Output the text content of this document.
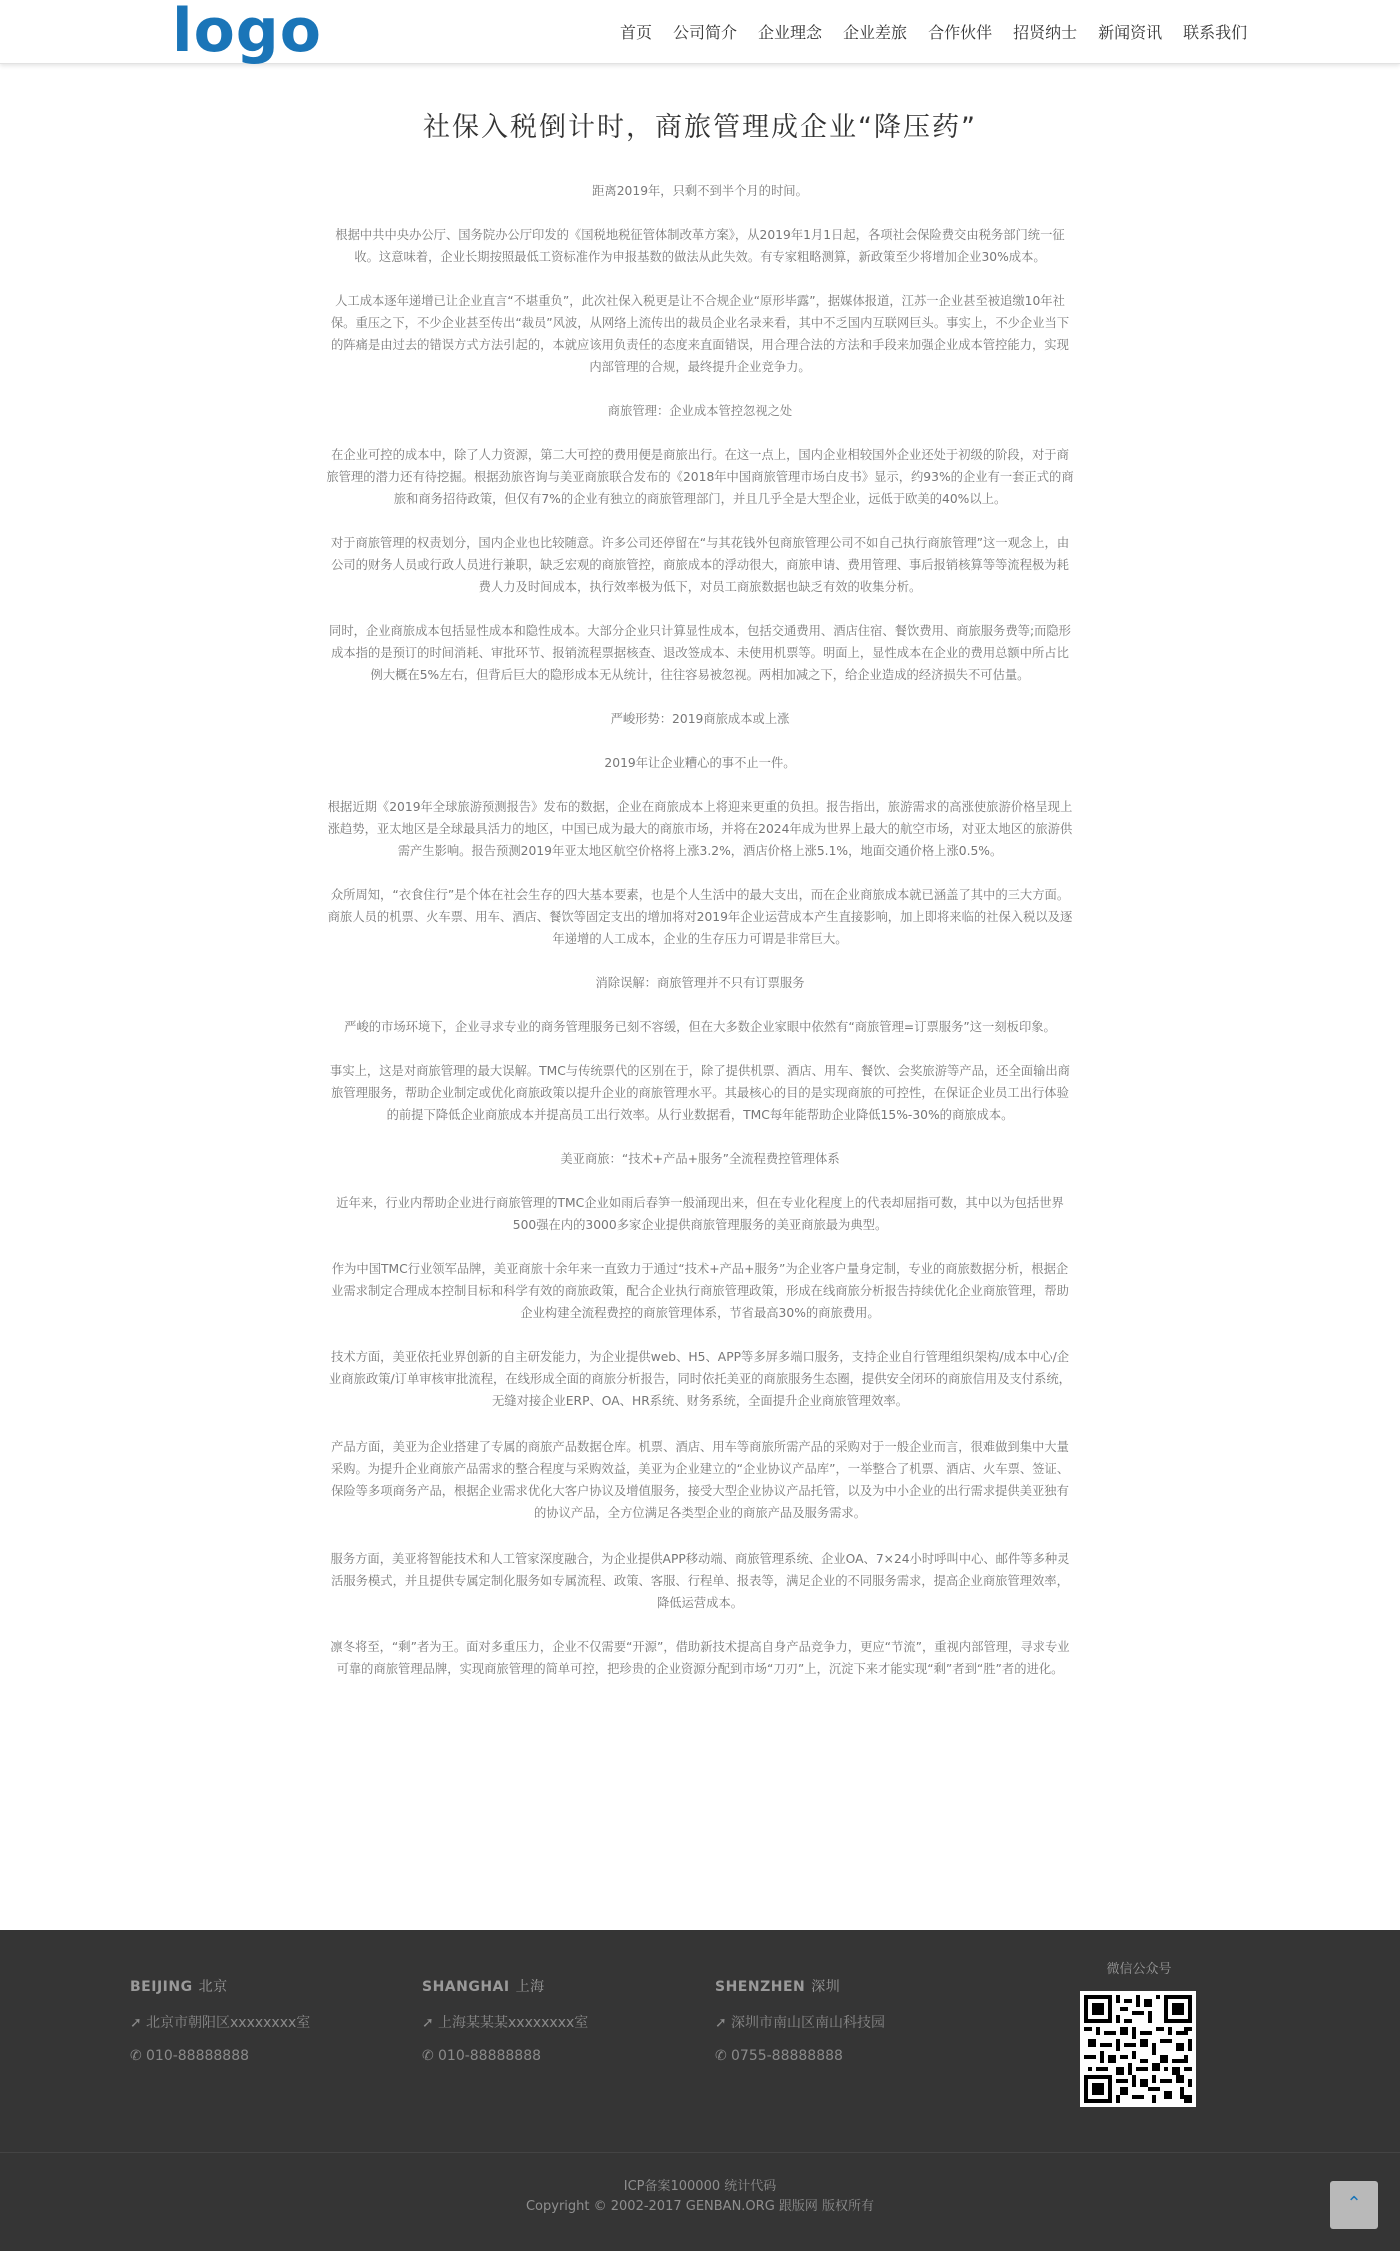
logo	首页 公司简介 企业理念 企业差旅 合作伙伴 招贤纳士 新闻资讯 联系我们
社保入税倒计时，商旅管理成企业“降压药”

距离2019年，只剩不到半个月的时间。

根据中共中央办公厅、国务院办公厅印发的《国税地税征管体制改革方案》，从2019年1月1日起，各项社会保险费交由税务部门统一征收。这意味着，企业长期按照最低工资标准作为申报基数的做法从此失效。有专家粗略测算，新政策至少将增加企业30%成本。

人工成本逐年递增已让企业直言“不堪重负”，此次社保入税更是让不合规企业“原形毕露”，据媒体报道，江苏一企业甚至被追缴10年社保。重压之下，不少企业甚至传出“裁员”风波，从网络上流传出的裁员企业名录来看，其中不乏国内互联网巨头。事实上，不少企业当下的阵痛是由过去的错误方式方法引起的，本就应该用负责任的态度来直面错误，用合理合法的方法和手段来加强企业成本管控能力，实现内部管理的合规，最终提升企业竞争力。

商旅管理：企业成本管控忽视之处

在企业可控的成本中，除了人力资源，第二大可控的费用便是商旅出行。在这一点上，国内企业相较国外企业还处于初级的阶段，对于商旅管理的潜力还有待挖掘。根据劲旅咨询与美亚商旅联合发布的《2018年中国商旅管理市场白皮书》显示，约93%的企业有一套正式的商旅和商务招待政策，但仅有7%的企业有独立的商旅管理部门，并且几乎全是大型企业，远低于欧美的40%以上。

对于商旅管理的权责划分，国内企业也比较随意。许多公司还停留在“与其花钱外包商旅管理公司不如自己执行商旅管理”这一观念上，由公司的财务人员或行政人员进行兼职，缺乏宏观的商旅管控，商旅成本的浮动很大，商旅申请、费用管理、事后报销核算等等流程极为耗费人力及时间成本，执行效率极为低下，对员工商旅数据也缺乏有效的收集分析。

同时，企业商旅成本包括显性成本和隐性成本。大部分企业只计算显性成本，包括交通费用、酒店住宿、餐饮费用、商旅服务费等;而隐形成本指的是预订的时间消耗、审批环节、报销流程票据核查、退改签成本、未使用机票等。明面上，显性成本在企业的费用总额中所占比例大概在5%左右，但背后巨大的隐形成本无从统计，往往容易被忽视。两相加减之下，给企业造成的经济损失不可估量。

严峻形势：2019商旅成本或上涨

2019年让企业糟心的事不止一件。

根据近期《2019年全球旅游预测报告》发布的数据，企业在商旅成本上将迎来更重的负担。报告指出，旅游需求的高涨使旅游价格呈现上涨趋势，亚太地区是全球最具活力的地区，中国已成为最大的商旅市场，并将在2024年成为世界上最大的航空市场，对亚太地区的旅游供需产生影响。报告预测2019年亚太地区航空价格将上涨3.2%，酒店价格上涨5.1%，地面交通价格上涨0.5%。

众所周知，“衣食住行”是个体在社会生存的四大基本要素，也是个人生活中的最大支出，而在企业商旅成本就已涵盖了其中的三大方面。商旅人员的机票、火车票、用车、酒店、餐饮等固定支出的增加将对2019年企业运营成本产生直接影响，加上即将来临的社保入税以及逐年递增的人工成本，企业的生存压力可谓是非常巨大。

消除误解：商旅管理并不只有订票服务

严峻的市场环境下，企业寻求专业的商务管理服务已刻不容缓，但在大多数企业家眼中依然有“商旅管理=订票服务”这一刻板印象。

事实上，这是对商旅管理的最大误解。TMC与传统票代的区别在于，除了提供机票、酒店、用车、餐饮、会奖旅游等产品，还全面输出商旅管理服务，帮助企业制定或优化商旅政策以提升企业的商旅管理水平。其最核心的目的是实现商旅的可控性，在保证企业员工出行体验的前提下降低企业商旅成本并提高员工出行效率。从行业数据看，TMC每年能帮助企业降低15%-30%的商旅成本。

美亚商旅：“技术+产品+服务”全流程费控管理体系

近年来，行业内帮助企业进行商旅管理的TMC企业如雨后春笋一般涌现出来，但在专业化程度上的代表却屈指可数，其中以为包括世界500强在内的3000多家企业提供商旅管理服务的美亚商旅最为典型。

作为中国TMC行业领军品牌，美亚商旅十余年来一直致力于通过“技术+产品+服务”为企业客户量身定制，专业的商旅数据分析，根据企业需求制定合理成本控制目标和科学有效的商旅政策，配合企业执行商旅管理政策，形成在线商旅分析报告持续优化企业商旅管理，帮助企业构建全流程费控的商旅管理体系，节省最高30%的商旅费用。

技术方面，美亚依托业界创新的自主研发能力，为企业提供web、H5、APP等多屏多端口服务，支持企业自行管理组织架构/成本中心/企业商旅政策/订单审核审批流程，在线形成全面的商旅分析报告，同时依托美亚的商旅服务生态圈，提供安全闭环的商旅信用及支付系统，无缝对接企业ERP、OA、HR系统、财务系统，全面提升企业商旅管理效率。

产品方面，美亚为企业搭建了专属的商旅产品数据仓库。机票、酒店、用车等商旅所需产品的采购对于一般企业而言，很难做到集中大量采购。为提升企业商旅产品需求的整合程度与采购效益，美亚为企业建立的“企业协议产品库”，一举整合了机票、酒店、火车票、签证、保险等多项商务产品，根据企业需求优化大客户协议及增值服务，接受大型企业协议产品托管，以及为中小企业的出行需求提供美亚独有的协议产品，全方位满足各类型企业的商旅产品及服务需求。

服务方面，美亚将智能技术和人工管家深度融合，为企业提供APP移动端、商旅管理系统、企业OA、7×24小时呼叫中心、邮件等多种灵活服务模式，并且提供专属定制化服务如专属流程、政策、客服、行程单、报表等，满足企业的不同服务需求，提高企业商旅管理效率，降低运营成本。

凛冬将至，“剩”者为王。面对多重压力，企业不仅需要“开源”，借助新技术提高自身产品竞争力，更应“节流”，重视内部管理，寻求专业可靠的商旅管理品牌，实现商旅管理的简单可控，把珍贵的企业资源分配到市场“刀刃”上，沉淀下来才能实现“剩”者到“胜”者的进化。

BEIJING 北京
➚ 北京市朝阳区xxxxxxxx室
✆ 010-88888888
SHANGHAI 上海
➚ 上海某某某xxxxxxxx室
✆ 010-88888888
SHENZHEN 深圳
➚ 深圳市南山区南山科技园
✆ 0755-88888888
微信公众号
ICP备案100000 统计代码
Copyright © 2002-2017 GENBAN.ORG 跟版网 版权所有	⌃
